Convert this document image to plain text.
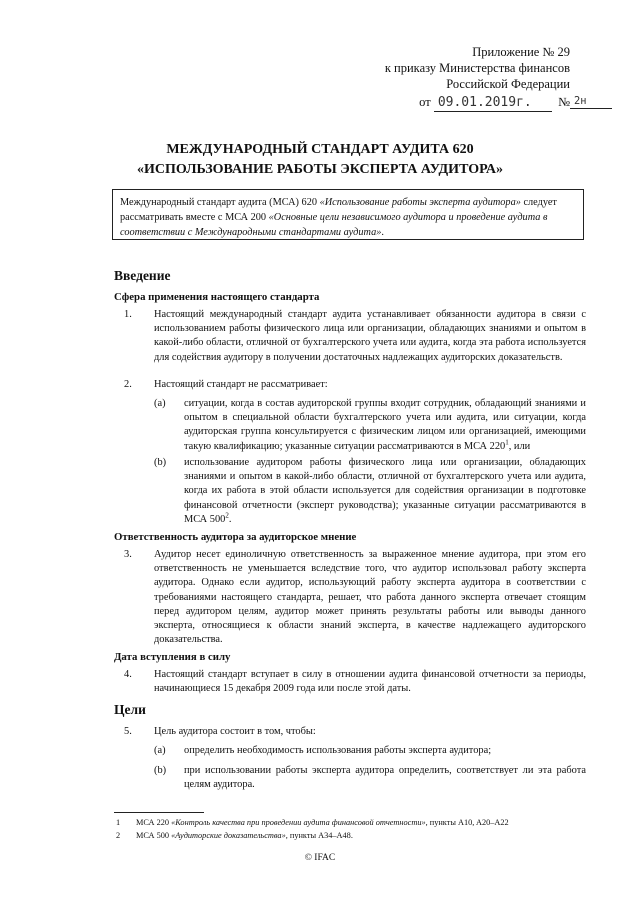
Приложение № 29
к приказу Министерства финансов
Российской Федерации
от 09.01.2019г. № 2н
МЕЖДУНАРОДНЫЙ СТАНДАРТ АУДИТА 620
«ИСПОЛЬЗОВАНИЕ РАБОТЫ ЭКСПЕРТА АУДИТОРА»
Международный стандарт аудита (МСА) 620 «Использование работы эксперта аудитора» следует рассматривать вместе с МСА 200 «Основные цели независимого аудитора и проведение аудита в соответствии с Международными стандартами аудита».
Введение
Сфера применения настоящего стандарта
1. Настоящий международный стандарт аудита устанавливает обязанности аудитора в связи с использованием работы физического лица или организации, обладающих знаниями и опытом в какой-либо области, отличной от бухгалтерского учета или аудита, когда эта работа используется для содействия аудитору в получении достаточных надлежащих аудиторских доказательств.
2. Настоящий стандарт не рассматривает:
(a) ситуации, когда в состав аудиторской группы входит сотрудник, обладающий знаниями и опытом в специальной области бухгалтерского учета или аудита, или ситуации, когда аудиторская группа консультируется с физическим лицом или организацией, имеющими такую квалификацию; указанные ситуации рассматриваются в МСА $220^1$, или
(b) использование аудитором работы физического лица или организации, обладающих знаниями и опытом в какой-либо области, отличной от бухгалтерского учета или аудита, когда их работа в этой области используется для содействия организации в подготовке финансовой отчетности (эксперт руководства); указанные ситуации рассматриваются в МСА $500^2$.
Ответственность аудитора за аудиторское мнение
3. Аудитор несет единоличную ответственность за выраженное мнение аудитора, при этом его ответственность не уменьшается вследствие того, что аудитор использовал работу эксперта аудитора. Однако если аудитор, использующий работу эксперта аудитора в соответствии с требованиями настоящего стандарта, решает, что работа данного эксперта отвечает стоящим перед аудитором целям, аудитор может принять результаты работы или выводы данного эксперта, относящиеся к области знаний эксперта, в качестве надлежащего аудиторского доказательства.
Дата вступления в силу
4. Настоящий стандарт вступает в силу в отношении аудита финансовой отчетности за периоды, начинающиеся 15 декабря 2009 года или после этой даты.
Цели
5. Цель аудитора состоит в том, чтобы:
(a) определить необходимость использования работы эксперта аудитора;
(b) при использовании работы эксперта аудитора определить, соответствует ли эта работа целям аудитора.
1 МСА 220 «Контроль качества при проведении аудита финансовой отчетности», пункты A10, A20–A22
2 МСА 500 «Аудиторские доказательства», пункты A34–A48.
© IFAC
